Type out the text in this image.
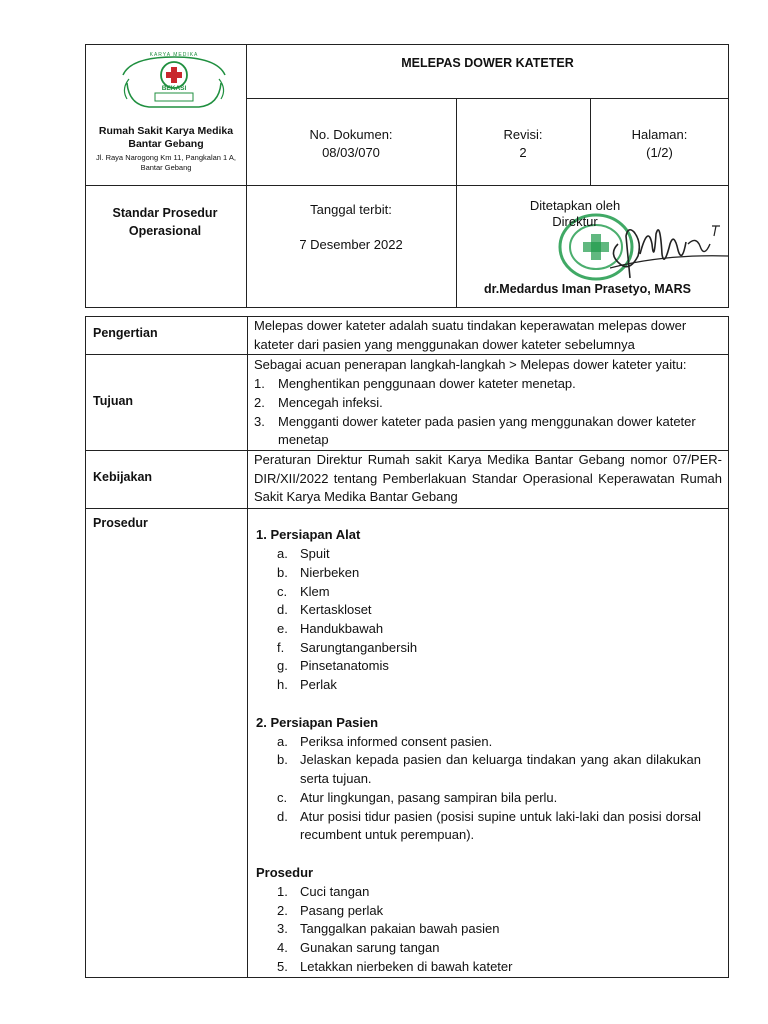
KARYA MEDIKA
BEKASI
Rumah Sakit Karya Medika Bantar Gebang
Jl. Raya Narogong Km 11, Pangkalan 1 A, Bantar Gebang
MELEPAS DOWER KATETER
No. Dokumen:
08/03/070
Revisi:
2
Halaman:
(1/2)
Standar Prosedur Operasional
Tanggal terbit:
7 Desember 2022
Ditetapkan oleh
Direktur
dr.Medardus Iman Prasetyo, MARS
Pengertian	Melepas dower kateter adalah suatu tindakan keperawatan melepas dower
kateter dari pasien yang menggunakan dower kateter sebelumnya
Tujuan
Sebagai acuan penerapan langkah-langkah > Melepas dower kateter yaitu:
1. Menghentikan penggunaan dower kateter menetap.
2. Mencegah infeksi.
3. Mengganti dower kateter pada pasien yang menggunakan dower kateter
menetap
Kebijakan
Peraturan Direktur Rumah sakit Karya Medika Bantar Gebang nomor 07/PER-
DIR/XII/2022 tentang Pemberlakuan Standar Operasional Keperawatan Rumah
Sakit Karya Medika Bantar Gebang
Prosedur
1. Persiapan Alat
a. Spuit
b. Nierbeken
c. Klem
d. Kertaskloset
e. Handukbawah
f. Sarungtanganbersih
g. Pinsetanatomis
h. Perlak
2. Persiapan Pasien
a. Periksa informed consent pasien.
b. Jelaskan kepada pasien dan keluarga tindakan yang akan dilakukan
serta tujuan.
c. Atur lingkungan, pasang sampiran bila perlu.
d. Atur posisi tidur pasien (posisi supine untuk laki-laki dan posisi dorsal
recumbent untuk perempuan).
Prosedur
1. Cuci tangan
2. Pasang perlak
3. Tanggalkan pakaian bawah pasien
4. Gunakan sarung tangan
5. Letakkan nierbeken di bawah kateter
